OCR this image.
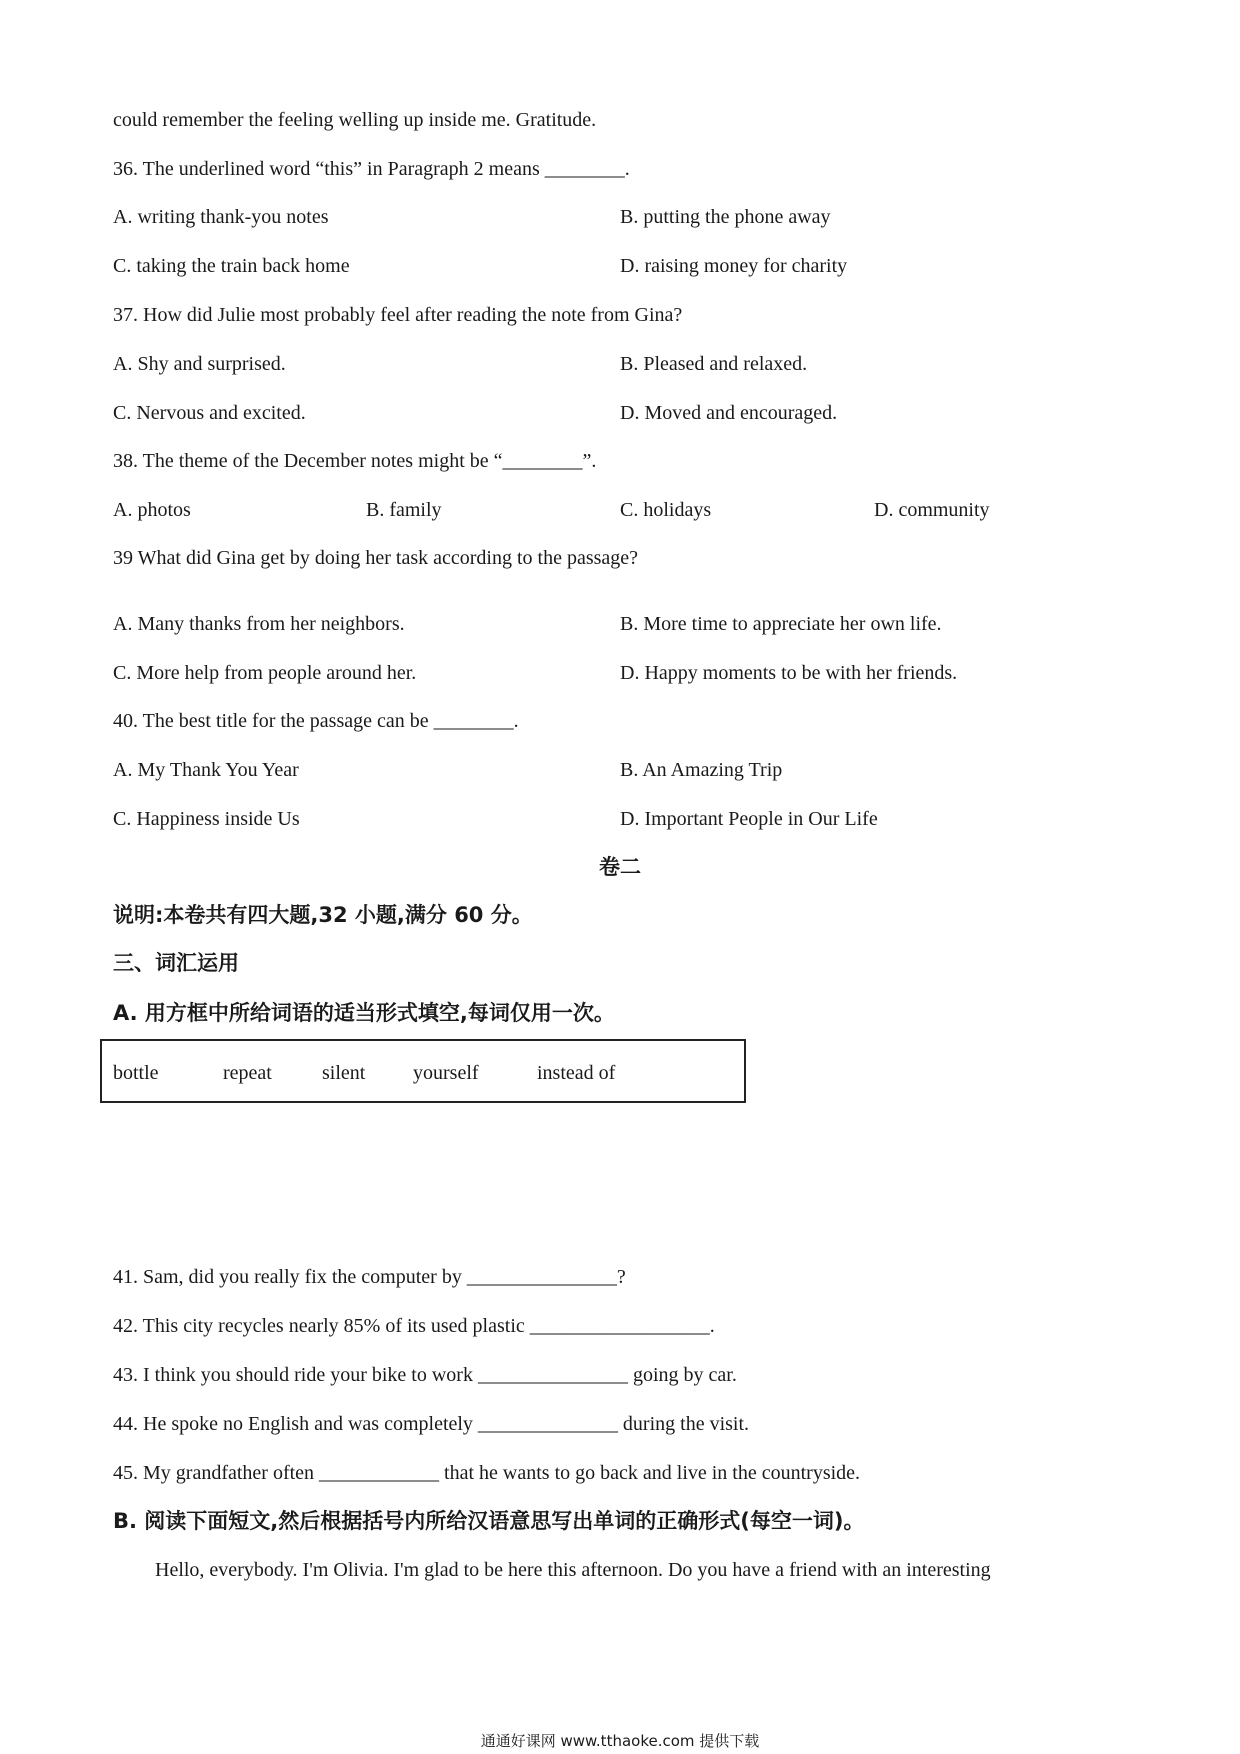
could remember the feeling welling up inside me. Gratitude.
36. The underlined word “this” in Paragraph 2 means ________.
A. writing thank-you notes	B. putting the phone away
C. taking the train back home	D. raising money for charity
37. How did Julie most probably feel after reading the note from Gina?
A. Shy and surprised.	B. Pleased and relaxed.
C. Nervous and excited.	D. Moved and encouraged.
38. The theme of the December notes might be “________”.
A. photos	B. family	C. holidays	D. community
39 What did Gina get by doing her task according to the passage?
A. Many thanks from her neighbors.	B. More time to appreciate her own life.
C. More help from people around her.	D. Happy moments to be with her friends.
40. The best title for the passage can be ________.
A. My Thank You Year	B. An Amazing Trip
C. Happiness inside Us	D. Important People in Our Life
卷二
说明:本卷共有四大题,32 小题,满分 60 分。
三、词汇运用
A. 用方框中所给词语的适当形式填空,每词仅用一次。
bottle	repeat	silent yourself	instead of
41. Sam, did you really fix the computer by _______________?
42. This city recycles nearly 85% of its used plastic __________________.
43. I think you should ride your bike to work _______________ going by car.
44. He spoke no English and was completely ______________ during the visit.
45. My grandfather often ____________ that he wants to go back and live in the countryside.
B. 阅读下面短文,然后根据括号内所给汉语意思写出单词的正确形式(每空一词)。
Hello, everybody. I'm Olivia. I'm glad to be here this afternoon. Do you have a friend with an interesting
通通好课网 www.tthaoke.com 提供下载
